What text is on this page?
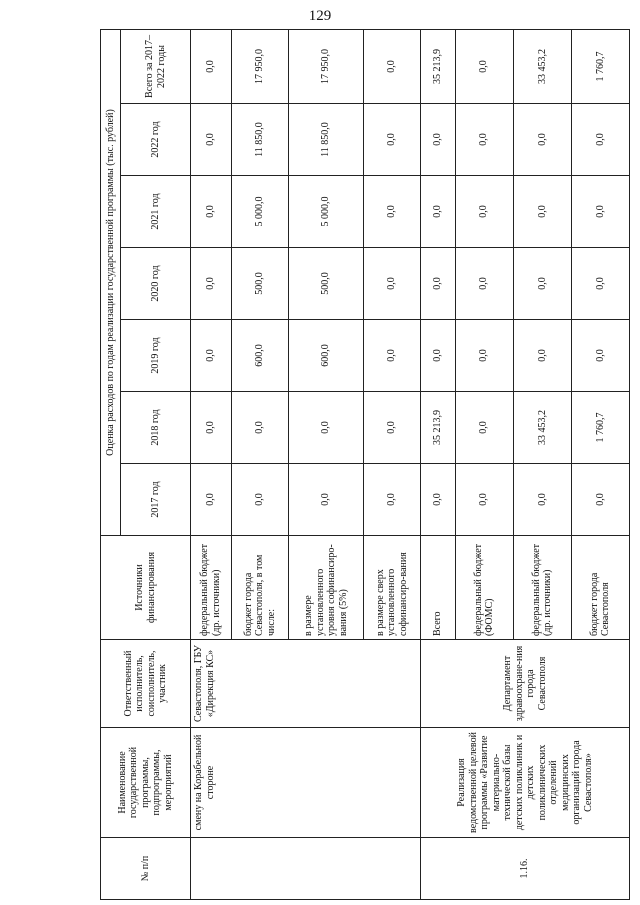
129
№ п/п	Наименование государственной программы, подпрограммы, мероприятий	Ответственный исполнитель, соисполнитель, участник	Источники финансирования	Оценка расходов по годам реализации государственной программы (тыс. рублей)						
				2017 год	2018 год	2019 год	2020 год	2021 год	2022 год	Всего за 2017–2022 годы
	смену на Корабельной стороне	Севастополя, ГБУ «Дирекция КС»	федеральный бюджет (др. источники)	0,0	0,0	0,0	0,0	0,0	0,0	0,0
			бюджет города Севастополя, в том числе:	0,0	0,0	600,0	500,0	5 000,0	11 850,0	17 950,0
			в размере установленного уровня софинансиро-вания (5%)	0,0	0,0	600,0	500,0	5 000,0	11 850,0	17 950,0
			в размере сверх установленного софинансиро-вания	0,0	0,0	0,0	0,0	0,0	0,0	0,0
1.16.	Реализация ведомственной целевой программы «Развитие материально-технической базы детских поликлиник и детских поликлинических отделений медицинских организаций города Севастополя»	Департамент здравоохране-ния города Севастополя	Всего	0,0	35 213,9	0,0	0,0	0,0	0,0	35 213,9
			федеральный бюджет (ФОМС)	0,0	0,0	0,0	0,0	0,0	0,0	0,0
			федеральный бюджет (др. источники)	0,0	33 453,2	0,0	0,0	0,0	0,0	33 453,2
			бюджет города Севастополя	0,0	1 760,7	0,0	0,0	0,0	0,0	1 760,7
